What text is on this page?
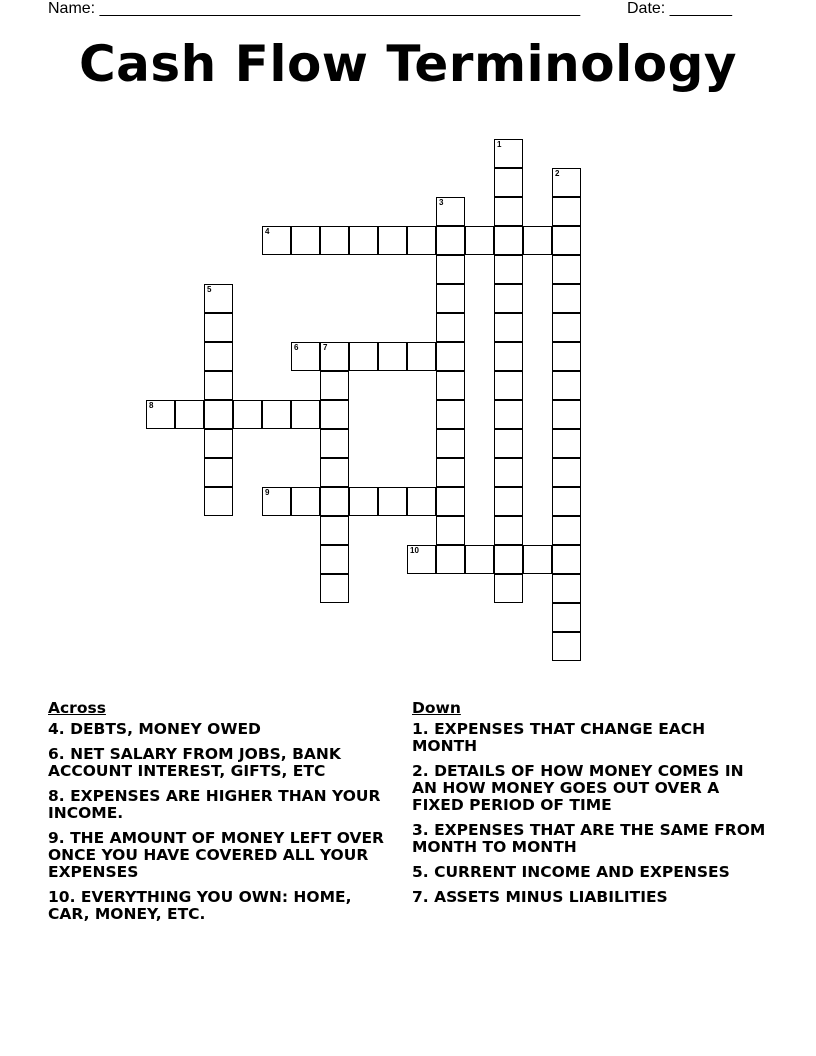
Name: ______________________________________________________	Date: _______
Cash Flow Terminology
4
6	7
8
9
10
1
2
3
5
Across
4. DEBTS, MONEY OWED
6. NET SALARY FROM JOBS, BANK ACCOUNT INTEREST, GIFTS, ETC
8. EXPENSES ARE HIGHER THAN YOUR INCOME.
9. THE AMOUNT OF MONEY LEFT OVER ONCE YOU HAVE COVERED ALL YOUR EXPENSES
10. EVERYTHING YOU OWN: HOME, CAR, MONEY, ETC.
Down
1. EXPENSES THAT CHANGE EACH MONTH
2. DETAILS OF HOW MONEY COMES IN AN HOW MONEY GOES OUT OVER A FIXED PERIOD OF TIME
3. EXPENSES THAT ARE THE SAME FROM MONTH TO MONTH
5. CURRENT INCOME AND EXPENSES
7. ASSETS MINUS LIABILITIES
